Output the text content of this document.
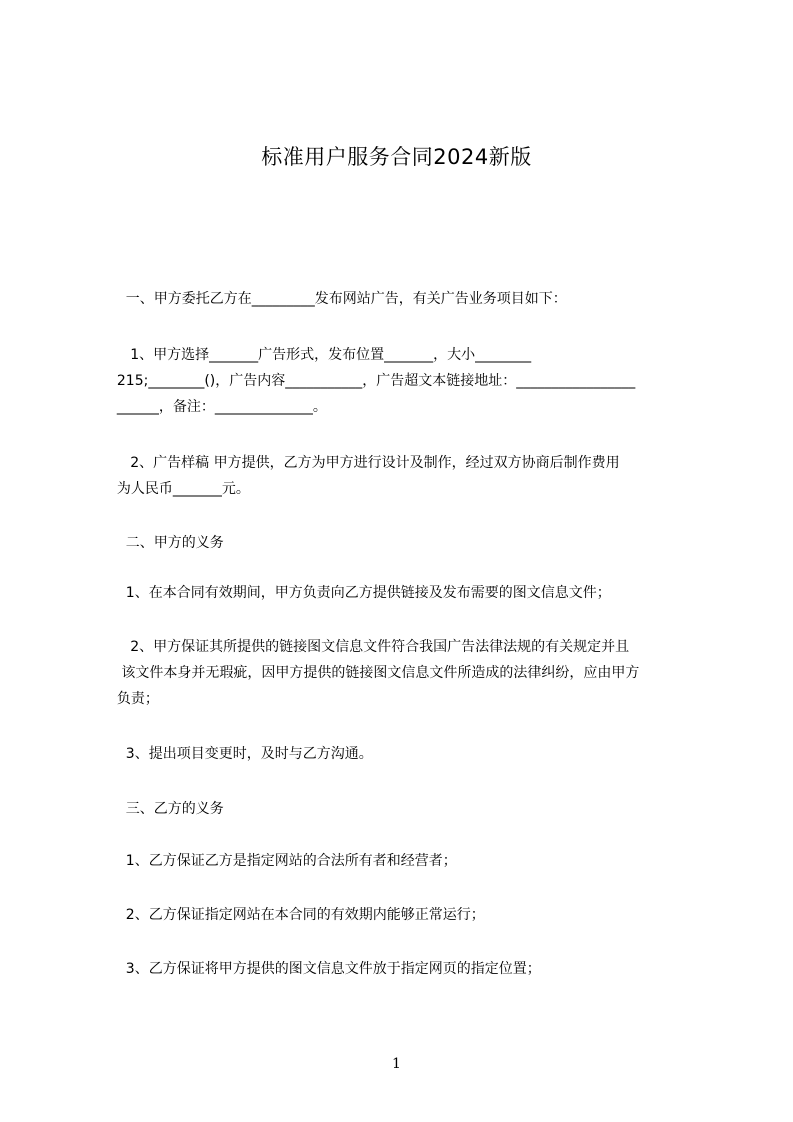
标准用户服务合同2024新版
一、甲方委托乙方在_________发布网站广告，有关广告业务项目如下：
1、甲方选择_______广告形式，发布位置_______，大小________
215;________()，广告内容___________，广告超文本链接地址：_________________
______，备注：______________。
2、广告样稿 甲方提供，乙方为甲方进行设计及制作，经过双方协商后制作费用
为人民币_______元。
二、甲方的义务
1、在本合同有效期间，甲方负责向乙方提供链接及发布需要的图文信息文件；
2、甲方保证其所提供的链接图文信息文件符合我国广告法律法规的有关规定并且
该文件本身并无瑕疵，因甲方提供的链接图文信息文件所造成的法律纠纷，应由甲方
负责；
3、提出项目变更时，及时与乙方沟通。
三、乙方的义务
1、乙方保证乙方是指定网站的合法所有者和经营者；
2、乙方保证指定网站在本合同的有效期内能够正常运行；
3、乙方保证将甲方提供的图文信息文件放于指定网页的指定位置；
1
